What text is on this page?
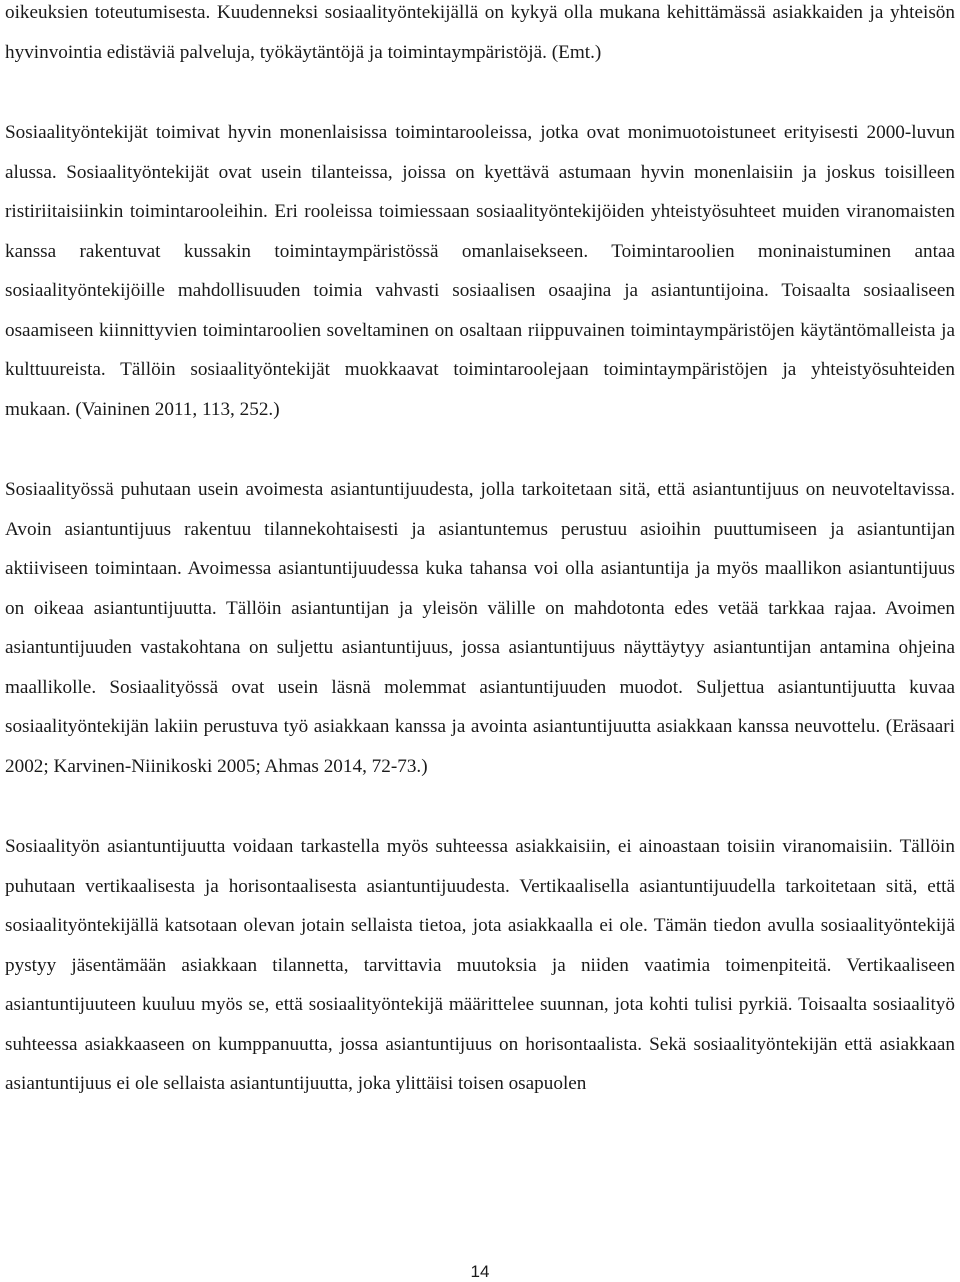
oikeuksien toteutumisesta. Kuudenneksi sosiaalityöntekijällä on kykyä olla mukana kehittämässä asiakkaiden ja yhteisön hyvinvointia edistäviä palveluja, työkäytäntöjä ja toimintaympäristöjä. (Emt.)

Sosiaalityöntekijät toimivat hyvin monenlaisissa toimintarooleissa, jotka ovat monimuotoistuneet erityisesti 2000-luvun alussa. Sosiaalityöntekijät ovat usein tilanteissa, joissa on kyettävä astumaan hyvin monenlaisiin ja joskus toisilleen ristiriitaisiinkin toimintarooleihin. Eri rooleissa toimiessaan sosiaalityöntekijöiden yhteistyösuhteet muiden viranomaisten kanssa rakentuvat kussakin toimintaympäristössä omanlaisekseen. Toimintaroolien moninaistuminen antaa sosiaalityöntekijöille mahdollisuuden toimia vahvasti sosiaalisen osaajina ja asiantuntijoina. Toisaalta sosiaaliseen osaamiseen kiinnittyvien toimintaroolien soveltaminen on osaltaan riippuvainen toimintaympäristöjen käytäntömalleista ja kulttuureista. Tällöin sosiaalityöntekijät muokkaavat toimintaroolejaan toimintaympäristöjen ja yhteistyösuhteiden mukaan. (Vaininen 2011, 113, 252.)

Sosiaalityössä puhutaan usein avoimesta asiantuntijuudesta, jolla tarkoitetaan sitä, että asiantuntijuus on neuvoteltavissa. Avoin asiantuntijuus rakentuu tilannekohtaisesti ja asiantuntemus perustuu asioihin puuttumiseen ja asiantuntijan aktiiviseen toimintaan. Avoimessa asiantuntijuudessa kuka tahansa voi olla asiantuntija ja myös maallikon asiantuntijuus on oikeaa asiantuntijuutta. Tällöin asiantuntijan ja yleisön välille on mahdotonta edes vetää tarkkaa rajaa. Avoimen asiantuntijuuden vastakohtana on suljettu asiantuntijuus, jossa asiantuntijuus näyttäytyy asiantuntijan antamina ohjeina maallikolle. Sosiaalityössä ovat usein läsnä molemmat asiantuntijuuden muodot. Suljettua asiantuntijuutta kuvaa sosiaalityöntekijän lakiin perustuva työ asiakkaan kanssa ja avointa asiantuntijuutta asiakkaan kanssa neuvottelu. (Eräsaari 2002; Karvinen-Niinikoski 2005; Ahmas 2014, 72-73.)

Sosiaalityön asiantuntijuutta voidaan tarkastella myös suhteessa asiakkaisiin, ei ainoastaan toisiin viranomaisiin. Tällöin puhutaan vertikaalisesta ja horisontaalisesta asiantuntijuudesta. Vertikaalisella asiantuntijuudella tarkoitetaan sitä, että sosiaalityöntekijällä katsotaan olevan jotain sellaista tietoa, jota asiakkaalla ei ole. Tämän tiedon avulla sosiaalityöntekijä pystyy jäsentämään asiakkaan tilannetta, tarvittavia muutoksia ja niiden vaatimia toimenpiteitä. Vertikaaliseen asiantuntijuuteen kuuluu myös se, että sosiaalityöntekijä määrittelee suunnan, jota kohti tulisi pyrkiä. Toisaalta sosiaalityö suhteessa asiakkaaseen on kumppanuutta, jossa asiantuntijuus on horisontaalista. Sekä sosiaalityöntekijän että asiakkaan asiantuntijuus ei ole sellaista asiantuntijuutta, joka ylittäisi toisen osapuolen

14
